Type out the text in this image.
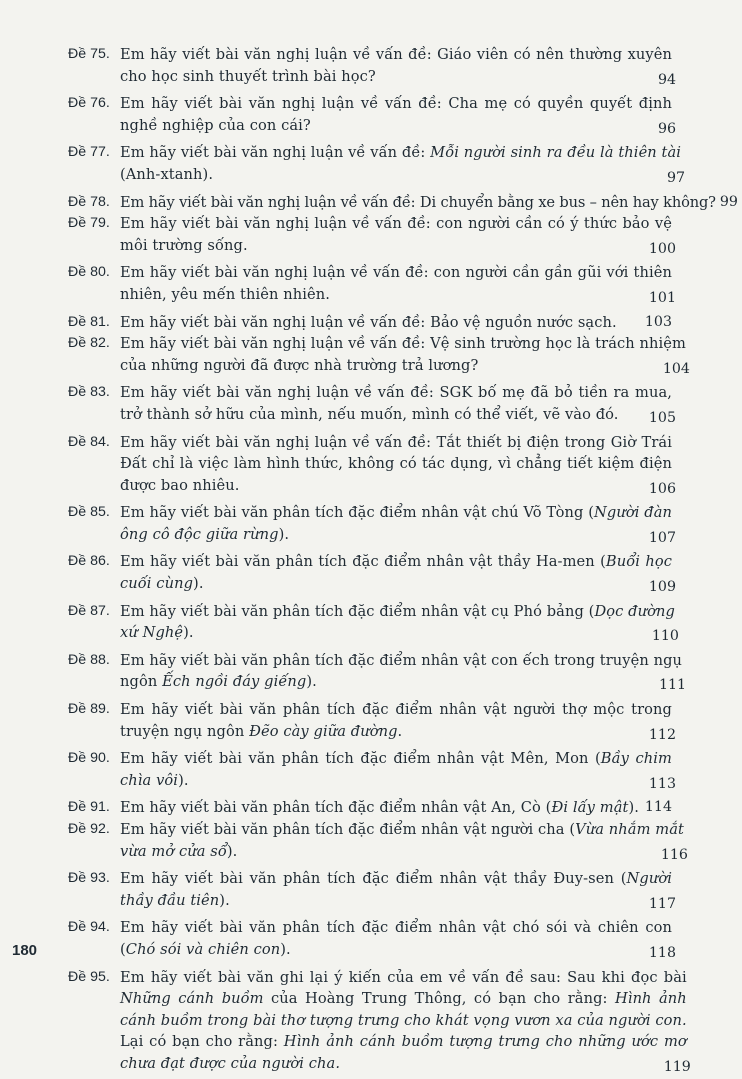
Đề 75. Em hãy viết bài văn nghị luận về vấn đề: Giáo viên có nên thường xuyên
cho học sinh thuyết trình bài học?	94
Đề 76. Em hãy viết bài văn nghị luận về vấn đề: Cha mẹ có quyền quyết định
nghề nghiệp của con cái?	96
Đề 77. Em hãy viết bài văn nghị luận về vấn đề: Mỗi người sinh ra đều là thiên tài
(Anh-xtanh).	97
Đề 78. Em hãy viết bài văn nghị luận về vấn đề: Di chuyển bằng xe bus – nên hay không? 99
Đề 79. Em hãy viết bài văn nghị luận về vấn đề: con người cần có ý thức bảo vệ
môi trường sống.	100
Đề 80. Em hãy viết bài văn nghị luận về vấn đề: con người cần gần gũi với thiên
nhiên, yêu mến thiên nhiên.	101
Đề 81. Em hãy viết bài văn nghị luận về vấn đề: Bảo vệ nguồn nước sạch. 103
Đề 82. Em hãy viết bài văn nghị luận về vấn đề: Vệ sinh trường học là trách nhiệm
của những người đã được nhà trường trả lương?	104
Đề 83. Em hãy viết bài văn nghị luận về vấn đề: SGK bố mẹ đã bỏ tiền ra mua,
trở thành sở hữu của mình, nếu muốn, mình có thể viết, vẽ vào đó.	105
Đề 84. Em hãy viết bài văn nghị luận về vấn đề: Tắt thiết bị điện trong Giờ Trái
Đất chỉ là việc làm hình thức, không có tác dụng, vì chẳng tiết kiệm điện
được bao nhiêu.	106
Đề 85. Em hãy viết bài văn phân tích đặc điểm nhân vật chú Võ Tòng (Người đàn
ông cô độc giữa rừng).	107
Đề 86. Em hãy viết bài văn phân tích đặc điểm nhân vật thầy Ha-men (Buổi học
cuối cùng).	109
Đề 87. Em hãy viết bài văn phân tích đặc điểm nhân vật cụ Phó bảng (Dọc đường
xứ Nghệ).	110
Đề 88. Em hãy viết bài văn phân tích đặc điểm nhân vật con ếch trong truyện ngụ
ngôn Ếch ngồi đáy giếng).	111
Đề 89. Em hãy viết bài văn phân tích đặc điểm nhân vật người thợ mộc trong
truyện ngụ ngôn Đẽo cày giữa đường.	112
Đề 90. Em hãy viết bài văn phân tích đặc điểm nhân vật Mên, Mon (Bầy chim
chìa vôi).	113
Đề 91. Em hãy viết bài văn phân tích đặc điểm nhân vật An, Cò (Đi lấy mật). 114
Đề 92. Em hãy viết bài văn phân tích đặc điểm nhân vật người cha (Vừa nhắm mắt
vừa mở cửa sổ).	116
Đề 93. Em hãy viết bài văn phân tích đặc điểm nhân vật thầy Đuy-sen (Người
thầy đầu tiên).	117
Đề 94. Em hãy viết bài văn phân tích đặc điểm nhân vật chó sói và chiên con
(Chó sói và chiên con).	118
Đề 95. Em hãy viết bài văn ghi lại ý kiến của em về vấn đề sau: Sau khi đọc bài
Những cánh buồm của Hoàng Trung Thông, có bạn cho rằng: Hình ảnh
cánh buồm trong bài thơ tượng trưng cho khát vọng vươn xa của người con.
Lại có bạn cho rằng: Hình ảnh cánh buồm tượng trưng cho những ước mơ
chưa đạt được của người cha.	119
180
